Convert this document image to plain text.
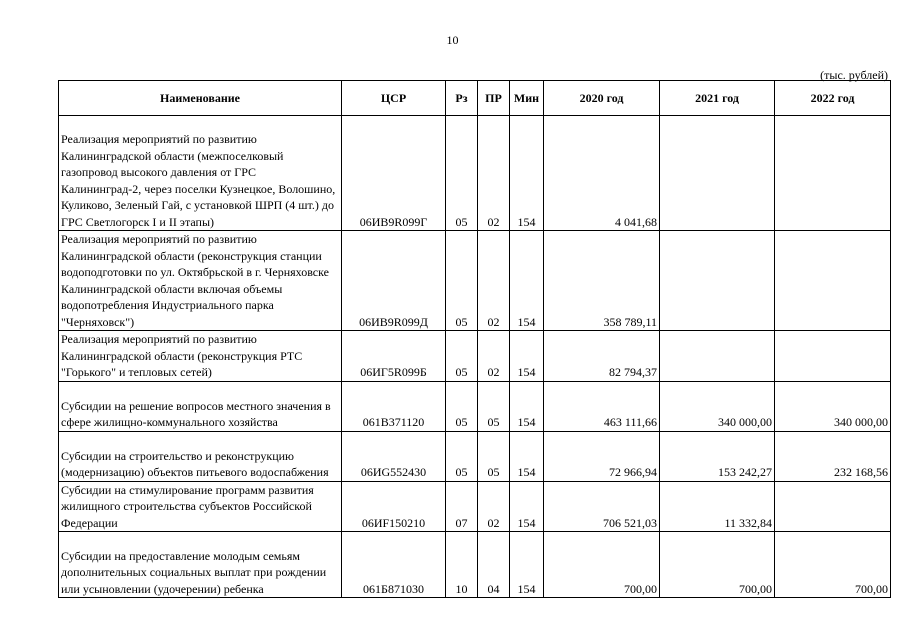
10
(тыс. рублей)
Наименование	ЦСР	Рз	ПР	Мин	2020 год	2021 год	2022 год
Реализация мероприятий по развитию Калининградской области (межпоселковый газопровод высокого давления от ГРС Калининград-2, через поселки Кузнецкое, Волошино, Куликово, Зеленый Гай, с установкой ШРП (4 шт.) до ГРС Светлогорск I и II этапы)	06ИВ9R099Г	05	02	154	4 041,68		
Реализация мероприятий по развитию Калининградской области (реконструкция станции водоподготовки по ул. Октябрьской в г. Черняховске Калининградской области включая объемы водопотребления Индустриального парка "Черняховск")	06ИВ9R099Д	05	02	154	358 789,11		
Реализация мероприятий по развитию Калининградской области (реконструкция РТС "Горького" и тепловых сетей)	06ИГ5R099Б	05	02	154	82 794,37		
Субсидии на решение вопросов местного значения в сфере жилищно-коммунального хозяйства	061В371120	05	05	154	463 111,66	340 000,00	340 000,00
Субсидии на строительство и реконструкцию (модернизацию) объектов питьевого водоспабжения	06ИG552430	05	05	154	72 966,94	153 242,27	232 168,56
Субсидии на стимулирование программ развития жилищного строительства субъектов Российской Федерации	06ИF150210	07	02	154	706 521,03	11 332,84	
Субсидии на предоставление молодым семьям дополнительных социальных выплат при рождении или усыновлении (удочерении) ребенка	061Б871030	10	04	154	700,00	700,00	700,00
